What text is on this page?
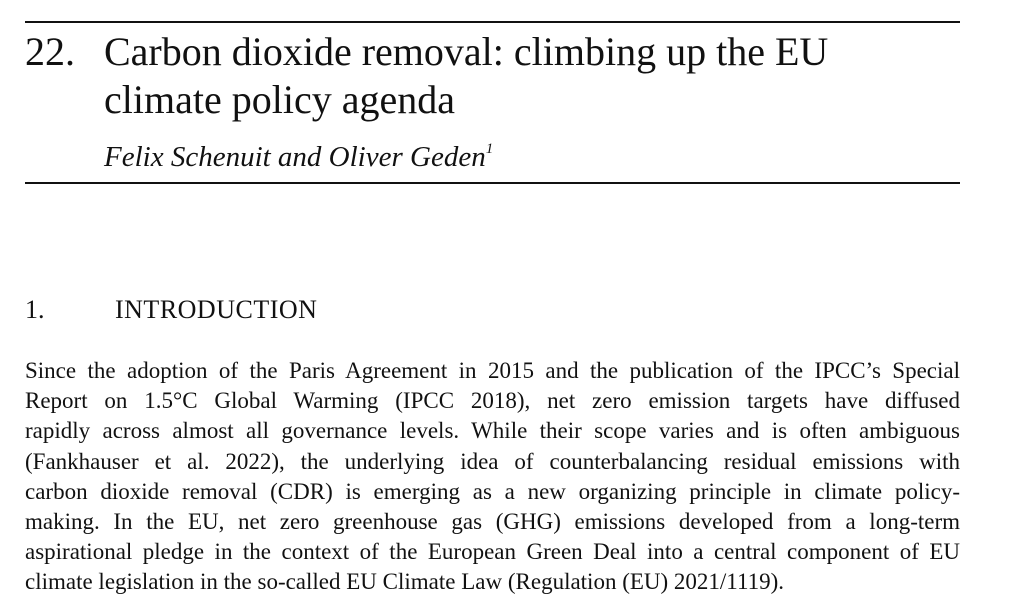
22. Carbon dioxide removal: climbing up the EU
climate policy agenda
Felix Schenuit and Oliver Geden$^1$
1.	INTRODUCTION
Since the adoption of the Paris Agreement in 2015 and the publication of the IPCC’s Special
Report on 1.5°C Global Warming (IPCC 2018), net zero emission targets have diffused
rapidly across almost all governance levels. While their scope varies and is often ambiguous
(Fankhauser et al. 2022), the underlying idea of counterbalancing residual emissions with
carbon dioxide removal (CDR) is emerging as a new organizing principle in climate policy-
making. In the EU, net zero greenhouse gas (GHG) emissions developed from a long-term
aspirational pledge in the context of the European Green Deal into a central component of EU
climate legislation in the so-called EU Climate Law (Regulation (EU) 2021/1119).
